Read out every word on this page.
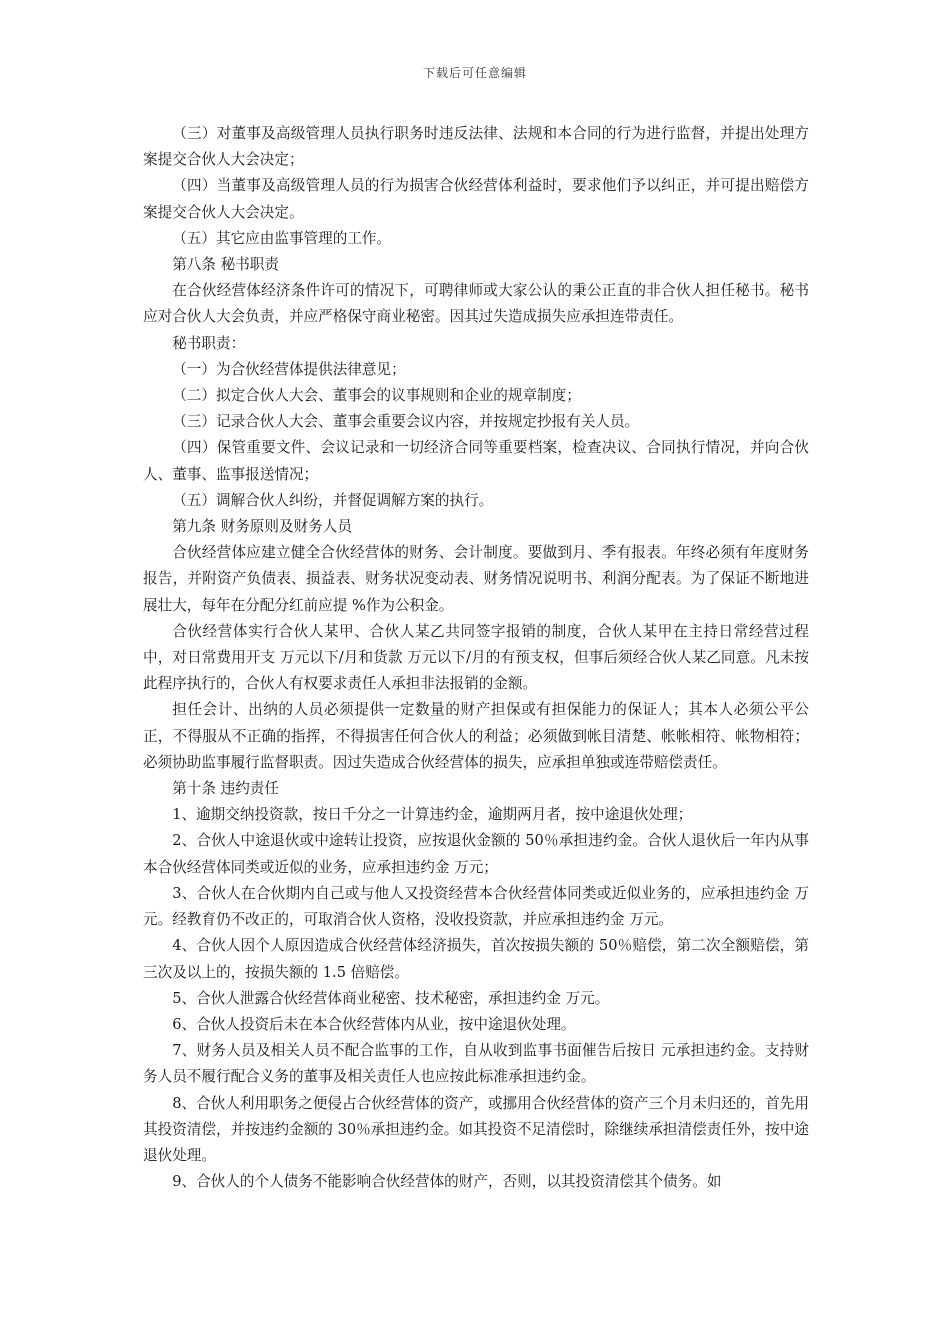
下载后可任意编辑

（三）对董事及高级管理人员执行职务时违反法律、法规和本合同的行为进行监督，并提出处理方案提交合伙人大会决定；

（四）当董事及高级管理人员的行为损害合伙经营体利益时，要求他们予以纠正，并可提出赔偿方案提交合伙人大会决定。

（五）其它应由监事管理的工作。

第八条 秘书职责

在合伙经营体经济条件许可的情况下，可聘律师或大家公认的秉公正直的非合伙人担任秘书。秘书应对合伙人大会负责，并应严格保守商业秘密。因其过失造成损失应承担连带责任。

秘书职责：

（一）为合伙经营体提供法律意见；

（二）拟定合伙人大会、董事会的议事规则和企业的规章制度；

（三）记录合伙人大会、董事会重要会议内容，并按规定抄报有关人员。

（四）保管重要文件、会议记录和一切经济合同等重要档案，检查决议、合同执行情况，并向合伙人、董事、监事报送情况；

（五）调解合伙人纠纷，并督促调解方案的执行。

第九条 财务原则及财务人员

合伙经营体应建立健全合伙经营体的财务、会计制度。要做到月、季有报表。年终必须有年度财务报告，并附资产负债表、损益表、财务状况变动表、财务情况说明书、利润分配表。为了保证不断地进展壮大，每年在分配分红前应提 %作为公积金。

合伙经营体实行合伙人某甲、合伙人某乙共同签字报销的制度，合伙人某甲在主持日常经营过程中，对日常费用开支 万元以下/月和货款 万元以下/月的有预支权，但事后须经合伙人某乙同意。凡未按此程序执行的，合伙人有权要求责任人承担非法报销的金额。

担任会计、出纳的人员必须提供一定数量的财产担保或有担保能力的保证人；其本人必须公平公正，不得服从不正确的指挥，不得损害任何合伙人的利益；必须做到帐目清楚、帐帐相符、帐物相符；必须协助监事履行监督职责。因过失造成合伙经营体的损失，应承担单独或连带赔偿责任。

第十条 违约责任

1、逾期交纳投资款，按日千分之一计算违约金，逾期两月者，按中途退伙处理；

2、合伙人中途退伙或中途转让投资，应按退伙金额的 50％承担违约金。合伙人退伙后一年内从事本合伙经营体同类或近似的业务，应承担违约金 万元；

3、合伙人在合伙期内自己或与他人又投资经营本合伙经营体同类或近似业务的，应承担违约金 万元。经教育仍不改正的，可取消合伙人资格，没收投资款，并应承担违约金 万元。

4、合伙人因个人原因造成合伙经营体经济损失，首次按损失额的 50％赔偿，第二次全额赔偿，第三次及以上的，按损失额的 1.5 倍赔偿。

5、合伙人泄露合伙经营体商业秘密、技术秘密，承担违约金 万元。

6、合伙人投资后未在本合伙经营体内从业，按中途退伙处理。

7、财务人员及相关人员不配合监事的工作，自从收到监事书面催告后按日 元承担违约金。支持财务人员不履行配合义务的董事及相关责任人也应按此标准承担违约金。

8、合伙人利用职务之便侵占合伙经营体的资产，或挪用合伙经营体的资产三个月未归还的，首先用其投资清偿，并按违约金额的 30％承担违约金。如其投资不足清偿时，除继续承担清偿责任外，按中途退伙处理。

9、合伙人的个人债务不能影响合伙经营体的财产，否则，以其投资清偿其个债务。如
